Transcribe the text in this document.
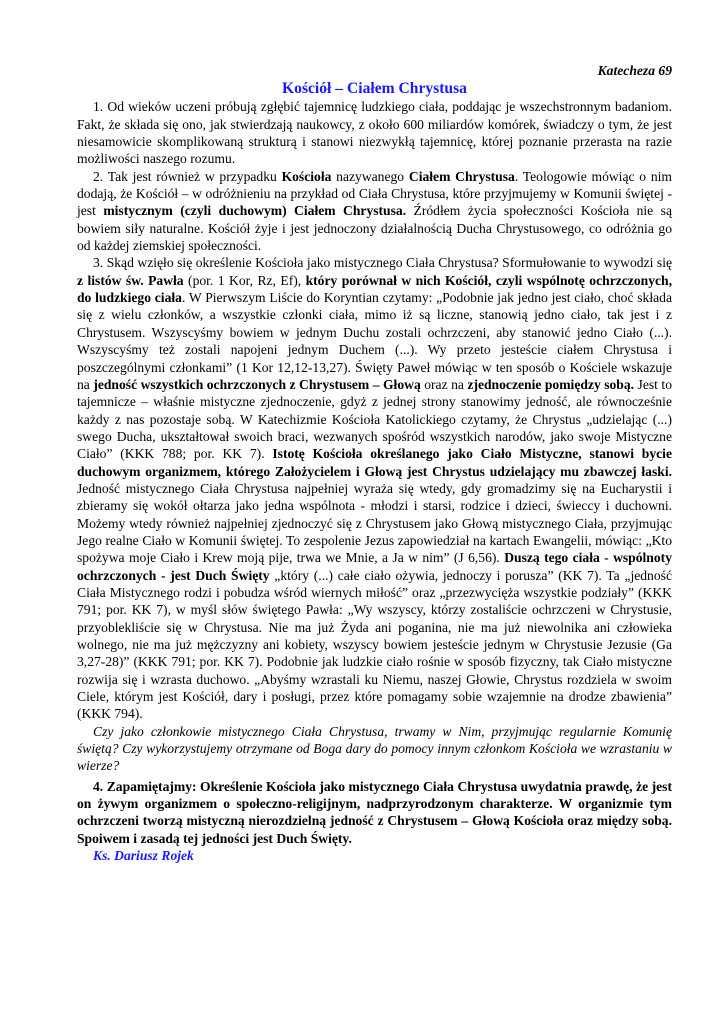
Katecheza 69
Kościół – Ciałem Chrystusa

1. Od wieków uczeni próbują zgłębić tajemnicę ludzkiego ciała, poddając je wszechstronnym badaniom. Fakt, że składa się ono, jak stwierdzają naukowcy, z około 600 miliardów komórek, świadczy o tym, że jest niesamowicie skomplikowaną strukturą i stanowi niezwykłą tajemnicę, której poznanie przerasta na razie możliwości naszego rozumu.

2. Tak jest również w przypadku Kościoła nazywanego Ciałem Chrystusa. Teologowie mówiąc o nim dodają, że Kościół – w odróżnieniu na przykład od Ciała Chrystusa, które przyjmujemy w Komunii świętej - jest mistycznym (czyli duchowym) Ciałem Chrystusa. Źródłem życia społeczności Kościoła nie są bowiem siły naturalne. Kościół żyje i jest jednoczony działalnością Ducha Chrystusowego, co odróżnia go od każdej ziemskiej społeczności.

3. Skąd wzięło się określenie Kościoła jako mistycznego Ciała Chrystusa? Sformułowanie to wywodzi się z listów św. Pawła (por. 1 Kor, Rz, Ef), który porównał w nich Kościół, czyli wspólnotę ochrzczonych, do ludzkiego ciała. W Pierwszym Liście do Koryntian czytamy: „Podobnie jak jedno jest ciało, choć składa się z wielu członków, a wszystkie członki ciała, mimo iż są liczne, stanowią jedno ciało, tak jest i z Chrystusem. Wszyscyśmy bowiem w jednym Duchu zostali ochrzczeni, aby stanowić jedno Ciało (...). Wszyscyśmy też zostali napojeni jednym Duchem (...). Wy przeto jesteście ciałem Chrystusa i poszczególnymi członkami” (1 Kor 12,12-13,27). Święty Paweł mówiąc w ten sposób o Kościele wskazuje na jedność wszystkich ochrzczonych z Chrystusem – Głową oraz na zjednoczenie pomiędzy sobą. Jest to tajemnicze – właśnie mistyczne zjednoczenie, gdyż z jednej strony stanowimy jedność, ale równocześnie każdy z nas pozostaje sobą. W Katechizmie Kościoła Katolickiego czytamy, że Chrystus „udzielając (...) swego Ducha, ukształtował swoich braci, wezwanych spośród wszystkich narodów, jako swoje Mistyczne Ciało” (KKK 788; por. KK 7). Istotę Kościoła określanego jako Ciało Mistyczne, stanowi bycie duchowym organizmem, którego Założycielem i Głową jest Chrystus udzielający mu zbawczej łaski. Jedność mistycznego Ciała Chrystusa najpełniej wyraża się wtedy, gdy gromadzimy się na Eucharystii i zbieramy się wokół ołtarza jako jedna wspólnota - młodzi i starsi, rodzice i dzieci, świeccy i duchowni. Możemy wtedy również najpełniej zjednoczyć się z Chrystusem jako Głową mistycznego Ciała, przyjmując Jego realne Ciało w Komunii świętej. To zespolenie Jezus zapowiedział na kartach Ewangelii, mówiąc: „Kto spożywa moje Ciało i Krew moją pije, trwa we Mnie, a Ja w nim” (J 6,56). Duszą tego ciała - wspólnoty ochrzczonych - jest Duch Święty „który (...) całe ciało ożywia, jednoczy i porusza” (KK 7). Ta „jedność Ciała Mistycznego rodzi i pobudza wśród wiernych miłość” oraz „przezwycięża wszystkie podziały” (KKK 791; por. KK 7), w myśl słów świętego Pawła: „Wy wszyscy, którzy zostaliście ochrzczeni w Chrystusie, przyoblekliście się w Chrystusa. Nie ma już Żyda ani poganina, nie ma już niewolnika ani człowieka wolnego, nie ma już mężczyzny ani kobiety, wszyscy bowiem jesteście jednym w Chrystusie Jezusie (Ga 3,27-28)” (KKK 791; por. KK 7). Podobnie jak ludzkie ciało rośnie w sposób fizyczny, tak Ciało mistyczne rozwija się i wzrasta duchowo. „Abyśmy wzrastali ku Niemu, naszej Głowie, Chrystus rozdziela w swoim Ciele, którym jest Kościół, dary i posługi, przez które pomagamy sobie wzajemnie na drodze zbawienia” (KKK 794).

Czy jako członkowie mistycznego Ciała Chrystusa, trwamy w Nim, przyjmując regularnie Komunię świętą? Czy wykorzystujemy otrzymane od Boga dary do pomocy innym członkom Kościoła we wzrastaniu w wierze?

4. Zapamiętajmy: Określenie Kościoła jako mistycznego Ciała Chrystusa uwydatnia prawdę, że jest on żywym organizmem o społeczno-religijnym, nadprzyrodzonym charakterze. W organizmie tym ochrzczeni tworzą mistyczną nierozdzielną jedność z Chrystusem – Głową Kościoła oraz między sobą. Spoiwem i zasadą tej jedności jest Duch Święty.

Ks. Dariusz Rojek
